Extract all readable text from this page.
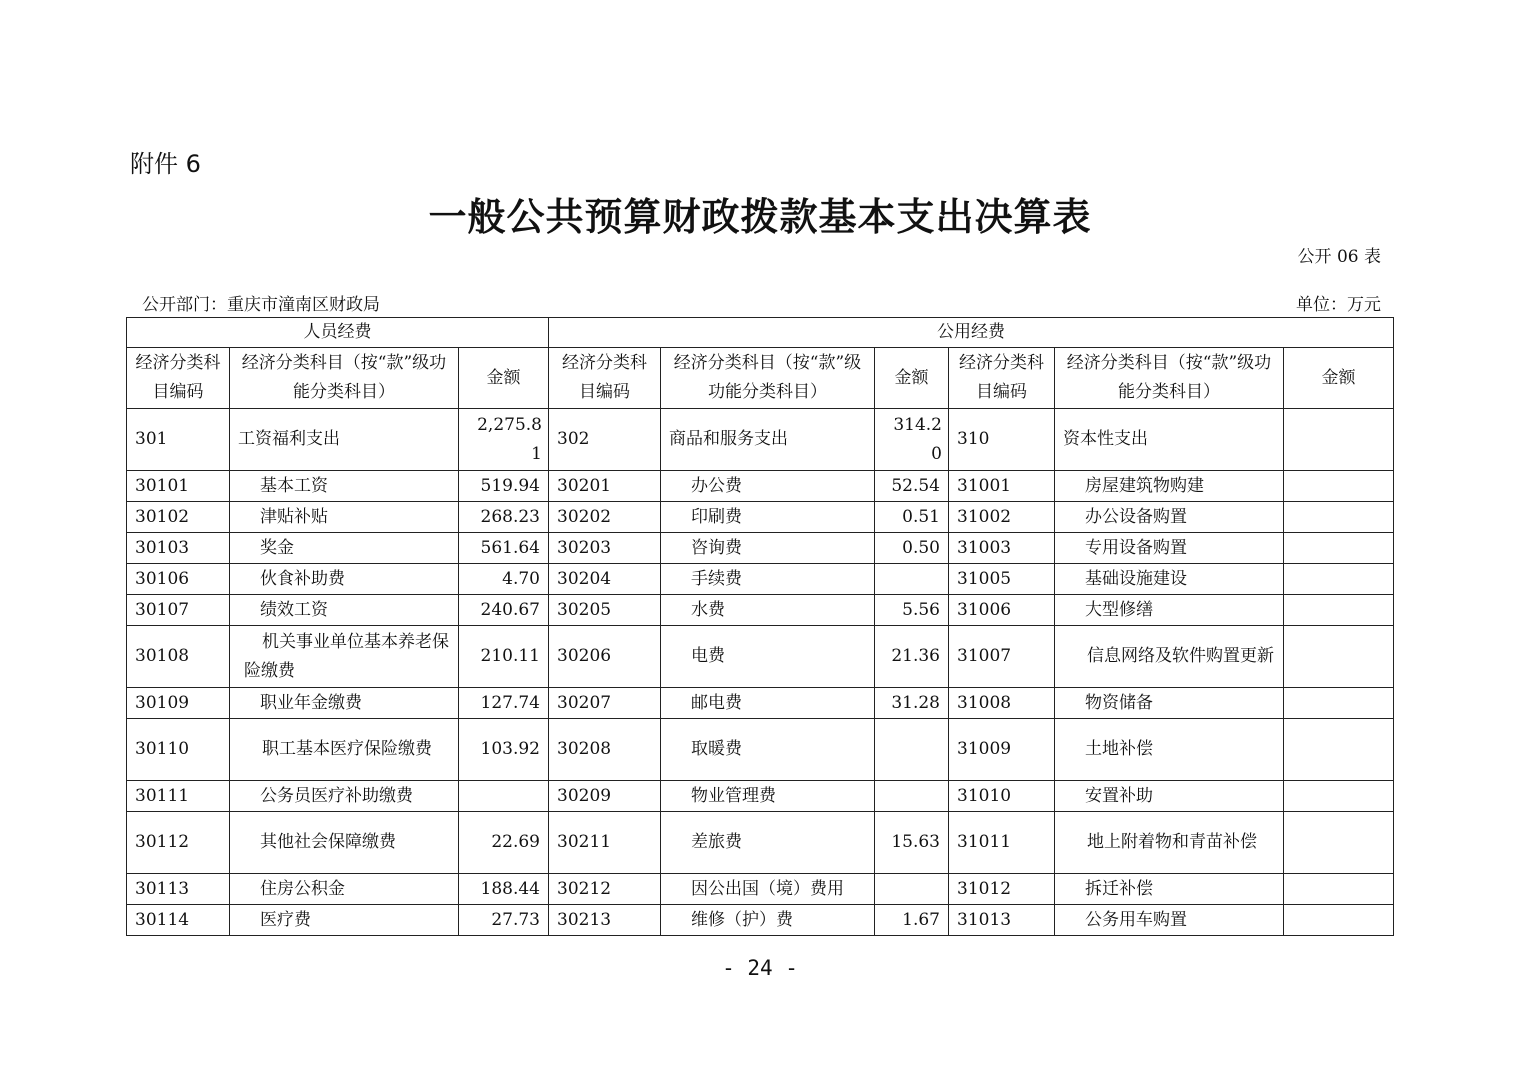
附件 6
一般公共预算财政拨款基本支出决算表
公开 06 表
公开部门：重庆市潼南区财政局	单位：万元
人员经费			公用经费					
经济分类科目编码	经济分类科目（按“款”级功能分类科目）	金额	经济分类科目编码	经济分类科目（按“款”级功能分类科目）	金额	经济分类科目编码	经济分类科目（按“款”级功能分类科目）	金额
301	工资福利支出	2,275.81	302	商品和服务支出	314.20	310	资本性支出	
30101	基本工资	519.94	30201	办公费	52.54	31001	房屋建筑物购建	
30102	津贴补贴	268.23	30202	印刷费	0.51	31002	办公设备购置	
30103	奖金	561.64	30203	咨询费	0.50	31003	专用设备购置	
30106	伙食补助费	4.70	30204	手续费		31005	基础设施建设	
30107	绩效工资	240.67	30205	水费	5.56	31006	大型修缮	
30108	机关事业单位基本养老保险缴费	210.11	30206	电费	21.36	31007	信息网络及软件购置更新	
30109	职业年金缴费	127.74	30207	邮电费	31.28	31008	物资储备	
30110	职工基本医疗保险缴费	103.92	30208	取暖费		31009	土地补偿	
30111	公务员医疗补助缴费		30209	物业管理费		31010	安置补助	
30112	其他社会保障缴费	22.69	30211	差旅费	15.63	31011	地上附着物和青苗补偿	
30113	住房公积金	188.44	30212	因公出国（境）费用		31012	拆迁补偿	
30114	医疗费	27.73	30213	维修（护）费	1.67	31013	公务用车购置	
- 24 -
